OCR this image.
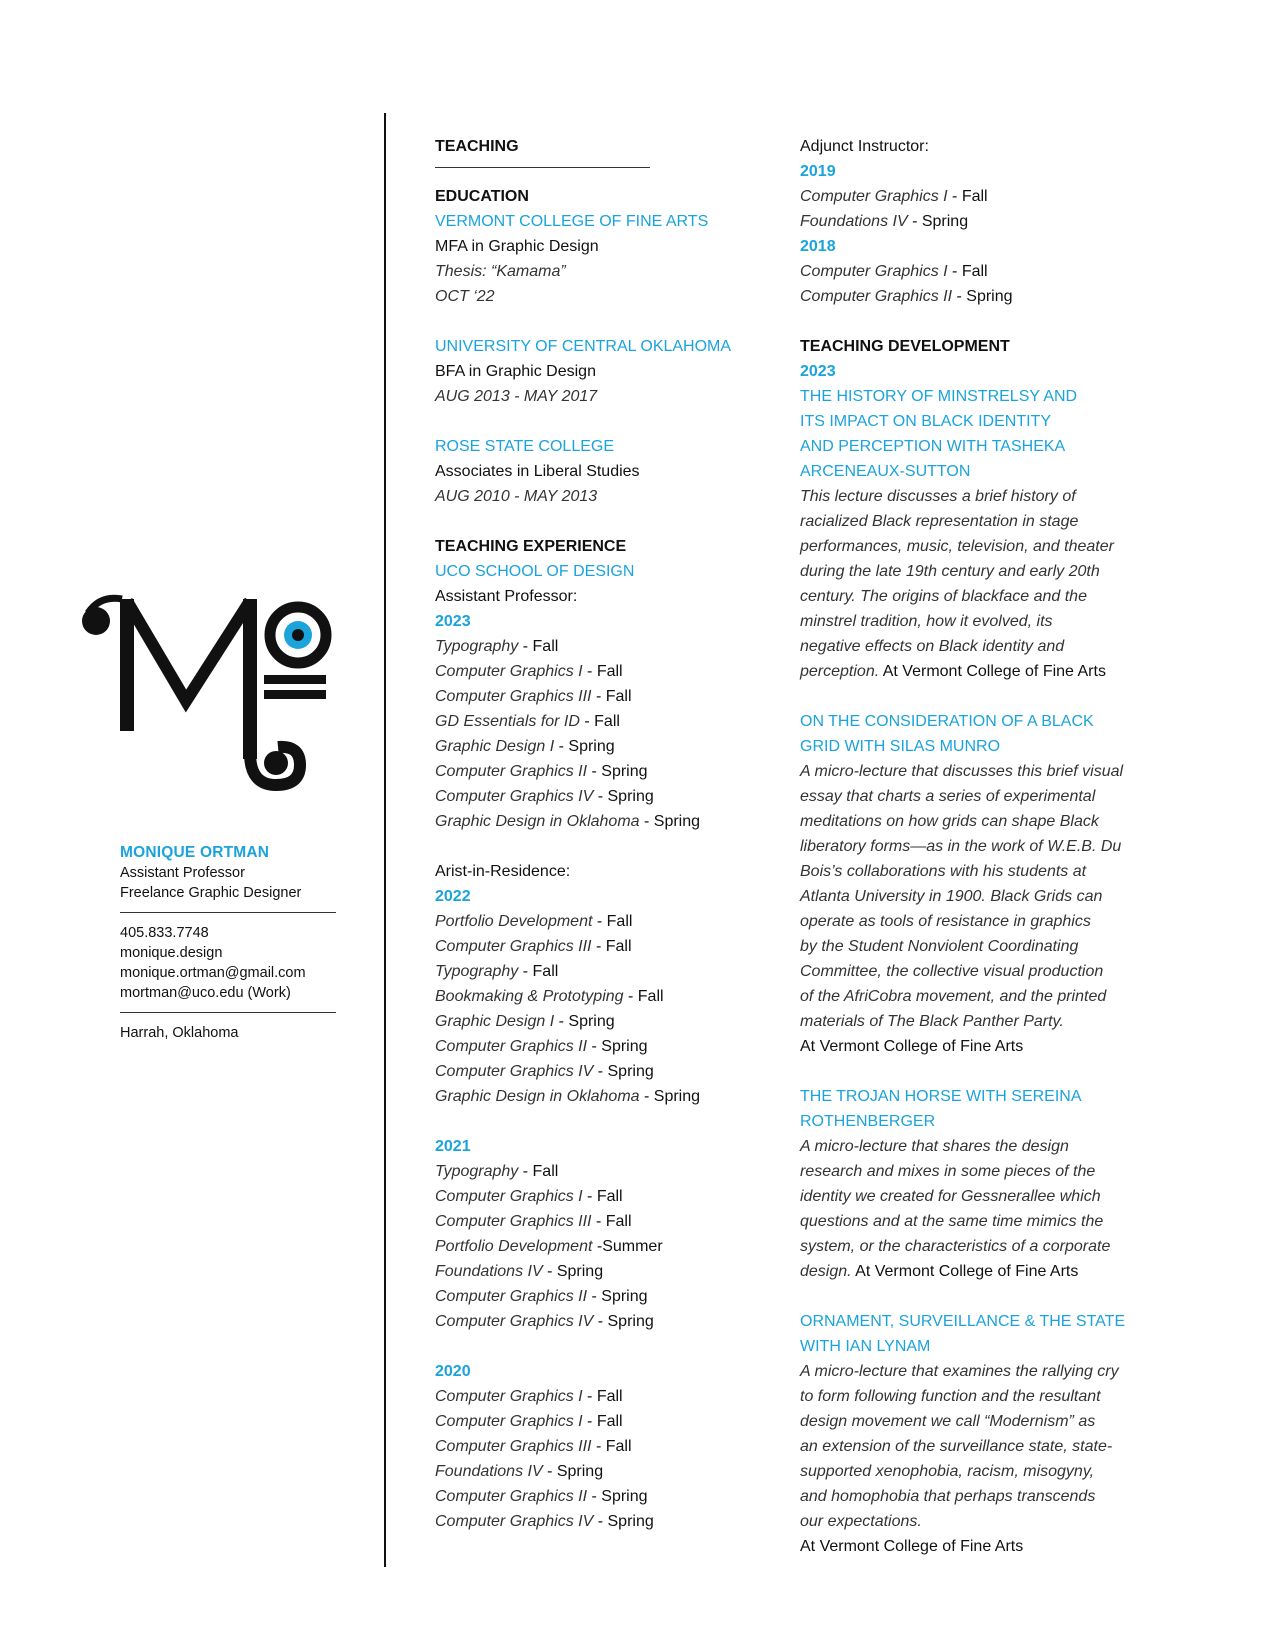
MONIQUE ORTMAN
Assistant Professor
Freelance Graphic Designer
405.833.7748
monique.design
monique.ortman@gmail.com
mortman@uco.edu (Work)
Harrah, Oklahoma
TEACHING
EDUCATION
VERMONT COLLEGE OF FINE ARTS
MFA in Graphic Design
Thesis: “Kamama”
OCT ‘22
UNIVERSITY OF CENTRAL OKLAHOMA
BFA in Graphic Design
AUG 2013 - MAY 2017
ROSE STATE COLLEGE
Associates in Liberal Studies
AUG 2010 - MAY 2013
TEACHING EXPERIENCE
UCO SCHOOL OF DESIGN
Assistant Professor:
2023
Typography - Fall
Computer Graphics I - Fall
Computer Graphics III - Fall
GD Essentials for ID - Fall
Graphic Design I - Spring
Computer Graphics II - Spring
Computer Graphics IV - Spring
Graphic Design in Oklahoma - Spring
Arist-in-Residence:
2022
Portfolio Development - Fall
Computer Graphics III - Fall
Typography - Fall
Bookmaking & Prototyping - Fall
Graphic Design I - Spring
Computer Graphics II - Spring
Computer Graphics IV - Spring
Graphic Design in Oklahoma - Spring
2021
Typography - Fall
Computer Graphics I - Fall
Computer Graphics III - Fall
Portfolio Development -Summer
Foundations IV - Spring
Computer Graphics II - Spring
Computer Graphics IV - Spring
2020
Computer Graphics I - Fall
Computer Graphics I - Fall
Computer Graphics III - Fall
Foundations IV - Spring
Computer Graphics II - Spring
Computer Graphics IV - Spring
Adjunct Instructor:
2019
Computer Graphics I - Fall
Foundations IV - Spring
2018
Computer Graphics I - Fall
Computer Graphics II - Spring
TEACHING DEVELOPMENT
2023
THE HISTORY OF MINSTRELSY AND
ITS IMPACT ON BLACK IDENTITY
AND PERCEPTION WITH TASHEKA
ARCENEAUX-SUTTON
This lecture discusses a brief history of
racialized Black representation in stage
performances, music, television, and theater
during the late 19th century and early 20th
century. The origins of blackface and the
minstrel tradition, how it evolved, its
negative effects on Black identity and
perception. At Vermont College of Fine Arts
ON THE CONSIDERATION OF A BLACK
GRID WITH SILAS MUNRO
A micro-lecture that discusses this brief visual
essay that charts a series of experimental
meditations on how grids can shape Black
liberatory forms—as in the work of W.E.B. Du
Bois’s collaborations with his students at
Atlanta University in 1900. Black Grids can
operate as tools of resistance in graphics
by the Student Nonviolent Coordinating
Committee, the collective visual production
of the AfriCobra movement, and the printed
materials of The Black Panther Party.
At Vermont College of Fine Arts
THE TROJAN HORSE WITH SEREINA
ROTHENBERGER
A micro-lecture that shares the design
research and mixes in some pieces of the
identity we created for Gessnerallee which
questions and at the same time mimics the
system, or the characteristics of a corporate
design. At Vermont College of Fine Arts
ORNAMENT, SURVEILLANCE & THE STATE
WITH IAN LYNAM
A micro-lecture that examines the rallying cry
to form following function and the resultant
design movement we call “Modernism” as
an extension of the surveillance state, state-
supported xenophobia, racism, misogyny,
and homophobia that perhaps transcends
our expectations.
At Vermont College of Fine Arts
